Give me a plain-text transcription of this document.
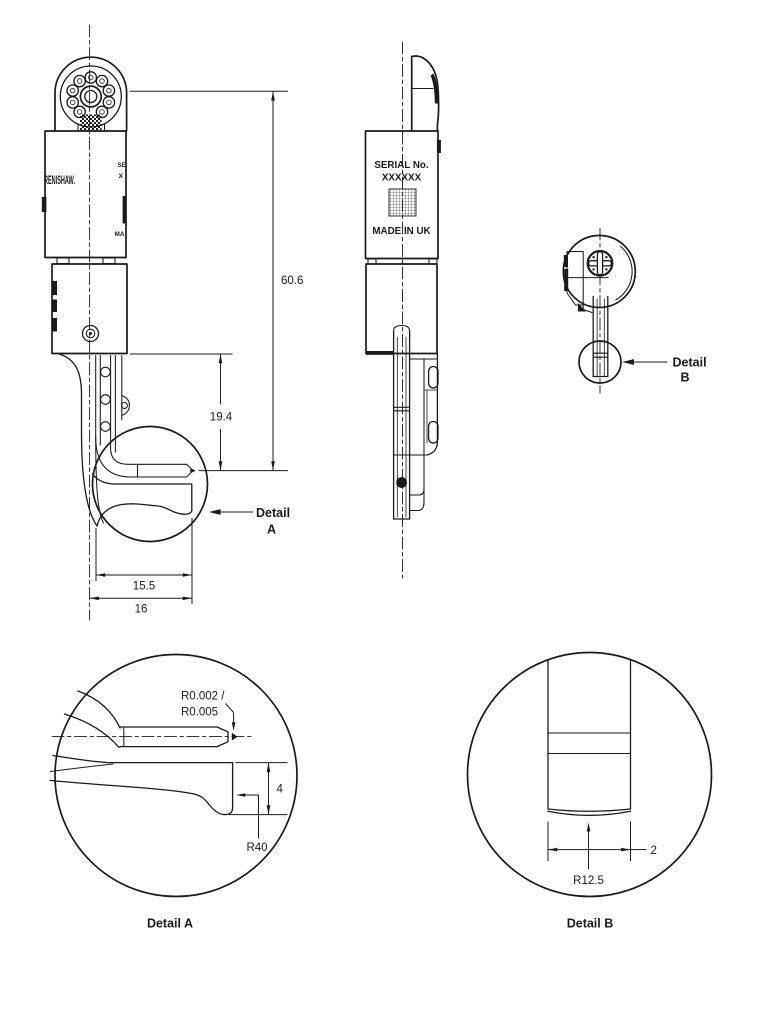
RENISHAW.
SE
X
MA
60.6
19.4
15.5
16
Detail
A
SERIAL No.
XXXXXX
MADE IN UK
Detail
B
R0.002 /
R0.005
4
R40
Detail A
2
R12.5
Detail B
